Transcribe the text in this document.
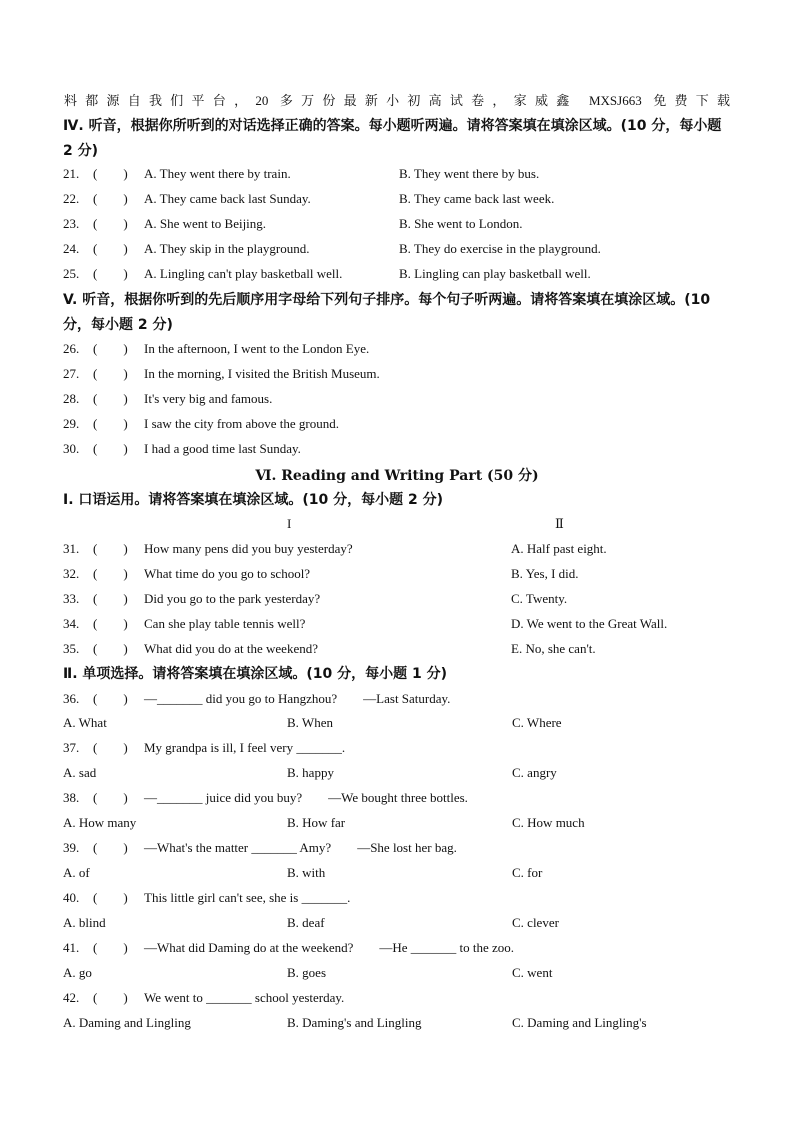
料都源自我们平台，20 多万份最新小初高试卷，家威鑫 MXSJ663 免费下载
Ⅳ. 听音，根据你所听到的对话选择正确的答案。每小题听两遍。请将答案填在填涂区域。(10 分，每小题 2 分)
21. (　　) A. They went there by train.	B. They went there by bus.
22. (　　) A. They came back last Sunday.	B. They came back last week.
23. (　　) A. She went to Beijing.	B. She went to London.
24. (　　) A. They skip in the playground.	B. They do exercise in the playground.
25. (　　) A. Lingling can't play basketball well.	B. Lingling can play basketball well.
V. 听音，根据你听到的先后顺序用字母给下列句子排序。每个句子听两遍。请将答案填在填涂区域。(10 分，每小题 2 分)
26. (　　) In the afternoon, I went to the London Eye.
27. (　　) In the morning, I visited the British Museum.
28. (　　) It's very big and famous.
29. (　　) I saw the city from above the ground.
30. (　　) I had a good time last Sunday.
Ⅵ. Reading and Writing Part (50 分)
I. 口语运用。请将答案填在填涂区域。(10 分，每小题 2 分)
I	Ⅱ
31. (　　) How many pens did you buy yesterday?	A. Half past eight.
32. (　　) What time do you go to school?	B. Yes, I did.
33. (　　) Did you go to the park yesterday?	C. Twenty.
34. (　　) Can she play table tennis well?	D. We went to the Great Wall.
35. (　　) What did you do at the weekend?	E. No, she can't.
Ⅱ. 单项选择。请将答案填在填涂区域。(10 分，每小题 1 分)
36. (　　) —_______ did you go to Hangzhou?　　—Last Saturday.
A. What	B. When	C. Where
37. (　　) My grandpa is ill, I feel very _______.
A. sad	B. happy	C. angry
38. (　　) —_______ juice did you buy?　　—We bought three bottles.
A. How many	B. How far	C. How much
39. (　　) —What's the matter _______ Amy?　　—She lost her bag.
A. of	B. with	C. for
40. (　　) This little girl can't see, she is _______.
A. blind	B. deaf	C. clever
41. (　　) —What did Daming do at the weekend?　　—He _______ to the zoo.
A. go	B. goes	C. went
42. (　　) We went to _______ school yesterday.
A. Daming and Lingling	B. Daming's and Lingling	C. Daming and Lingling's
